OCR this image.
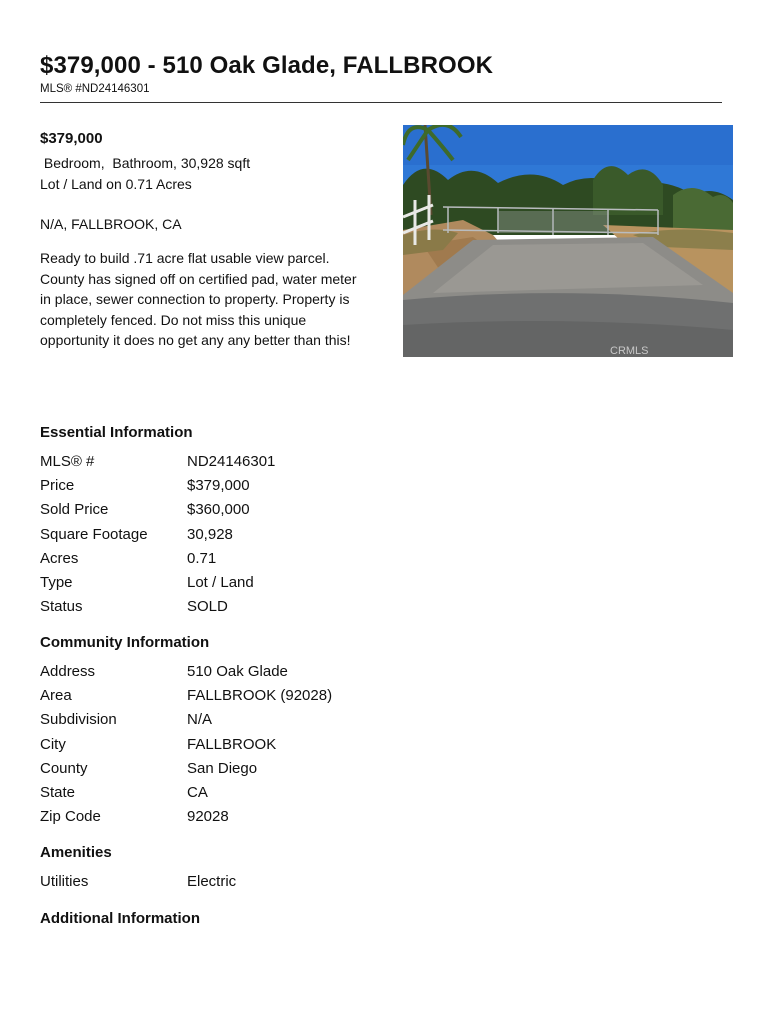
$379,000 - 510 Oak Glade, FALLBROOK
MLS® #ND24146301
$379,000
Bedroom,  Bathroom, 30,928 sqft
Lot / Land on 0.71 Acres
N/A, FALLBROOK, CA
Ready to build .71 acre flat usable view parcel. County has signed off on certified pad, water meter in place, sewer connection to property. Property is completely fenced. Do not miss this unique opportunity it does no get any any better than this!
CRMLS
Essential Information
MLS® #	ND24146301
Price	$379,000
Sold Price	$360,000
Square Footage	30,928
Acres	0.71
Type	Lot / Land
Status	SOLD
Community Information
Address	510 Oak Glade
Area	FALLBROOK (92028)
Subdivision	N/A
City	FALLBROOK
County	San Diego
State	CA
Zip Code	92028
Amenities
Utilities	Electric
Additional Information
